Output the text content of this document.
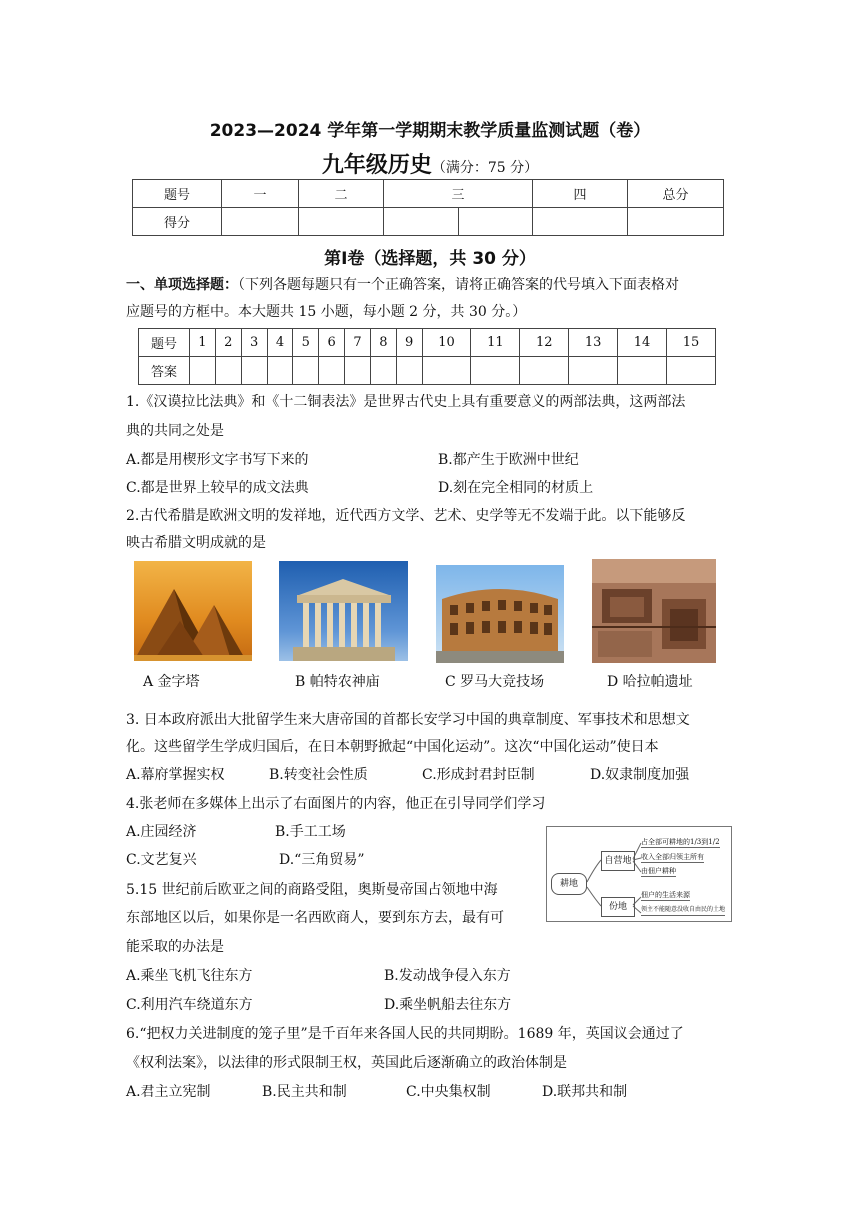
2023—2024 学年第一学期期末教学质量监测试题（卷）
九年级历史（满分：75 分）
题号	一	二	三	四	总分
得分					
第Ⅰ卷（选择题，共 30 分）
一、单项选择题：（下列各题每题只有一个正确答案，请将正确答案的代号填入下面表格对
应题号的方框中。本大题共 15 小题，每小题 2 分，共 30 分。）
题号	1	2	3	4	5	6	7	8	9	10	11	12	13	14	15
答案															
1.《汉谟拉比法典》和《十二铜表法》是世界古代史上具有重要意义的两部法典，这两部法
典的共同之处是
A.都是用楔形文字书写下来的	B.都产生于欧洲中世纪
C.都是世界上较早的成文法典	D.刻在完全相同的材质上
2.古代希腊是欧洲文明的发祥地，近代西方文学、艺术、史学等无不发端于此。以下能够反
映古希腊文明成就的是
A 金字塔	B 帕特农神庙	C 罗马大竞技场	D 哈拉帕遗址
3. 日本政府派出大批留学生来大唐帝国的首都长安学习中国的典章制度、军事技术和思想文
化。这些留学生学成归国后，在日本朝野掀起“中国化运动”。这次“中国化运动”使日本
A.幕府掌握实权	B.转变社会性质	C.形成封君封臣制	D.奴隶制度加强
4.张老师在多媒体上出示了右面图片的内容，他正在引导同学们学习
A.庄园经济	B.手工工场
C.文艺复兴	D.“三角贸易”
耕地
自营地
份地
占全部可耕地的1/3到1/2
收入全部归领主所有
由佃户耕种
佃户的生活来源
领主不能随意没收自由民的土地
5.15 世纪前后欧亚之间的商路受阻，奥斯曼帝国占领地中海
东部地区以后，如果你是一名西欧商人，要到东方去，最有可
能采取的办法是
A.乘坐飞机飞往东方	B.发动战争侵入东方
C.利用汽车绕道东方	D.乘坐帆船去往东方
6.“把权力关进制度的笼子里”是千百年来各国人民的共同期盼。1689 年，英国议会通过了
《权利法案》，以法律的形式限制王权，英国此后逐渐确立的政治体制是
A.君主立宪制	B.民主共和制	C.中央集权制	D.联邦共和制
